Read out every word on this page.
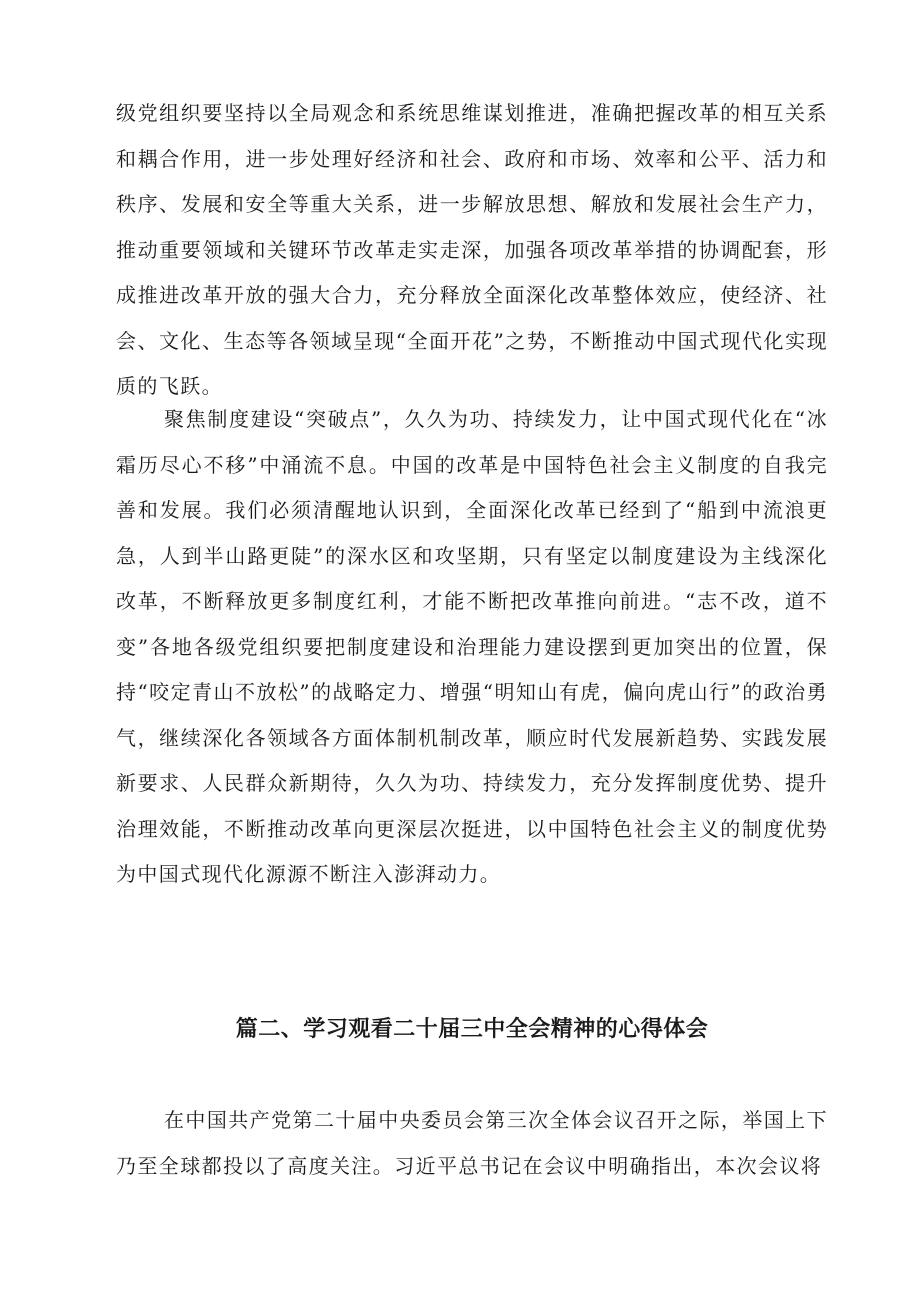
级党组织要坚持以全局观念和系统思维谋划推进，准确把握改革的相互关系和耦合作用，进一步处理好经济和社会、政府和市场、效率和公平、活力和秩序、发展和安全等重大关系，进一步解放思想、解放和发展社会生产力，推动重要领域和关键环节改革走实走深，加强各项改革举措的协调配套，形成推进改革开放的强大合力，充分释放全面深化改革整体效应，使经济、社会、文化、生态等各领域呈现“全面开花”之势，不断推动中国式现代化实现质的飞跃。

聚焦制度建设“突破点”，久久为功、持续发力，让中国式现代化在“冰霜历尽心不移”中涌流不息。中国的改革是中国特色社会主义制度的自我完善和发展。我们必须清醒地认识到，全面深化改革已经到了“船到中流浪更急，人到半山路更陡”的深水区和攻坚期，只有坚定以制度建设为主线深化改革，不断释放更多制度红利，才能不断把改革推向前进。“志不改，道不变”各地各级党组织要把制度建设和治理能力建设摆到更加突出的位置，保持“咬定青山不放松”的战略定力、增强“明知山有虎，偏向虎山行”的政治勇气，继续深化各领域各方面体制机制改革，顺应时代发展新趋势、实践发展新要求、人民群众新期待，久久为功、持续发力，充分发挥制度优势、提升治理效能，不断推动改革向更深层次挺进，以中国特色社会主义的制度优势为中国式现代化源源不断注入澎湃动力。

篇二、学习观看二十届三中全会精神的心得体会

在中国共产党第二十届中央委员会第三次全体会议召开之际，举国上下乃至全球都投以了高度关注。习近平总书记在会议中明确指出，本次会议将
